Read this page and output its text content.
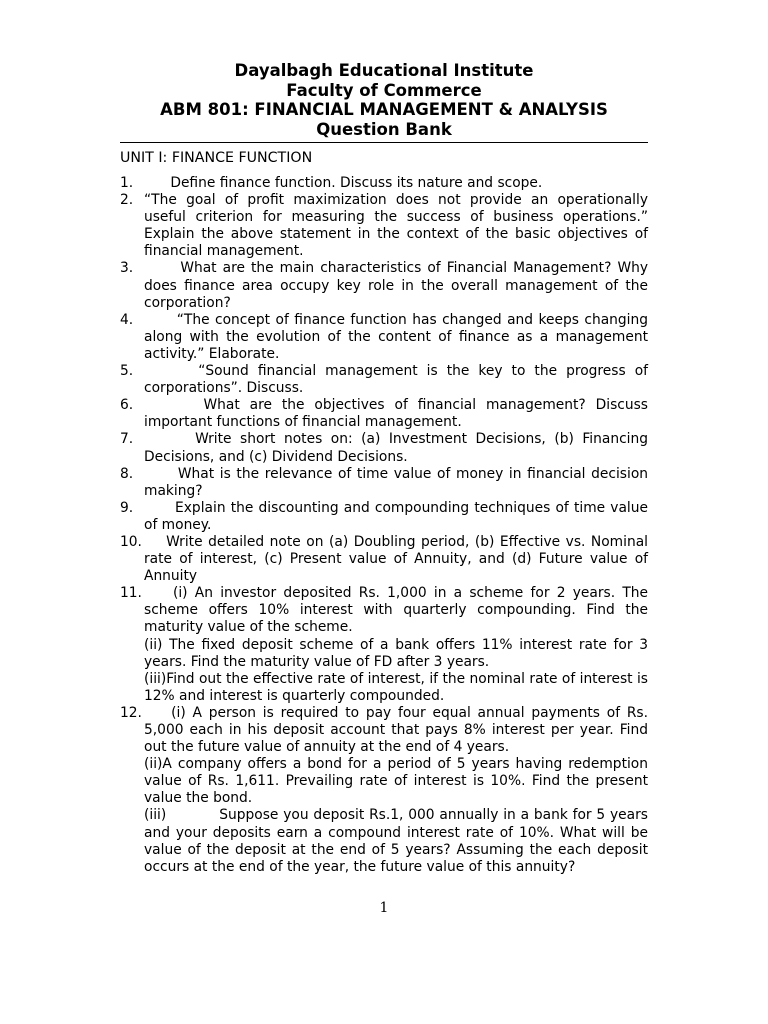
Dayalbagh Educational Institute
Faculty of Commerce
ABM 801: FINANCIAL MANAGEMENT & ANALYSIS
Question Bank
UNIT I: FINANCE FUNCTION
1. Define finance function. Discuss its nature and scope.
2. “The goal of profit maximization does not provide an operationally useful criterion for measuring the success of business operations.” Explain the above statement in the context of the basic objectives of financial management.
3. What are the main characteristics of Financial Management? Why does finance area occupy key role in the overall management of the corporation?
4. “The concept of finance function has changed and keeps changing along with the evolution of the content of finance as a management activity.” Elaborate.
5. “Sound financial management is the key to the progress of corporations”. Discuss.
6. What are the objectives of financial management? Discuss important functions of financial management.
7. Write short notes on: (a) Investment Decisions, (b) Financing Decisions, and (c) Dividend Decisions.
8. What is the relevance of time value of money in financial decision making?
9. Explain the discounting and compounding techniques of time value of money.
10. Write detailed note on (a) Doubling period, (b) Effective vs. Nominal rate of interest, (c) Present value of Annuity, and (d) Future value of Annuity
11. (i) An investor deposited Rs. 1,000 in a scheme for 2 years. The scheme offers 10% interest with quarterly compounding. Find the maturity value of the scheme.
(ii) The fixed deposit scheme of a bank offers 11% interest rate for 3 years. Find the maturity value of FD after 3 years.
(iii)Find out the effective rate of interest, if the nominal rate of interest is 12% and interest is quarterly compounded.
12. (i) A person is required to pay four equal annual payments of Rs. 5,000 each in his deposit account that pays 8% interest per year. Find out the future value of annuity at the end of 4 years.
(ii)A company offers a bond for a period of 5 years having redemption value of Rs. 1,611. Prevailing rate of interest is 10%. Find the present value the bond.
(iii)           Suppose you deposit Rs.1, 000 annually in a bank for 5 years and your deposits earn a compound interest rate of 10%. What will be value of the deposit at the end of 5 years? Assuming the each deposit occurs at the end of the year, the future value of this annuity?
1
